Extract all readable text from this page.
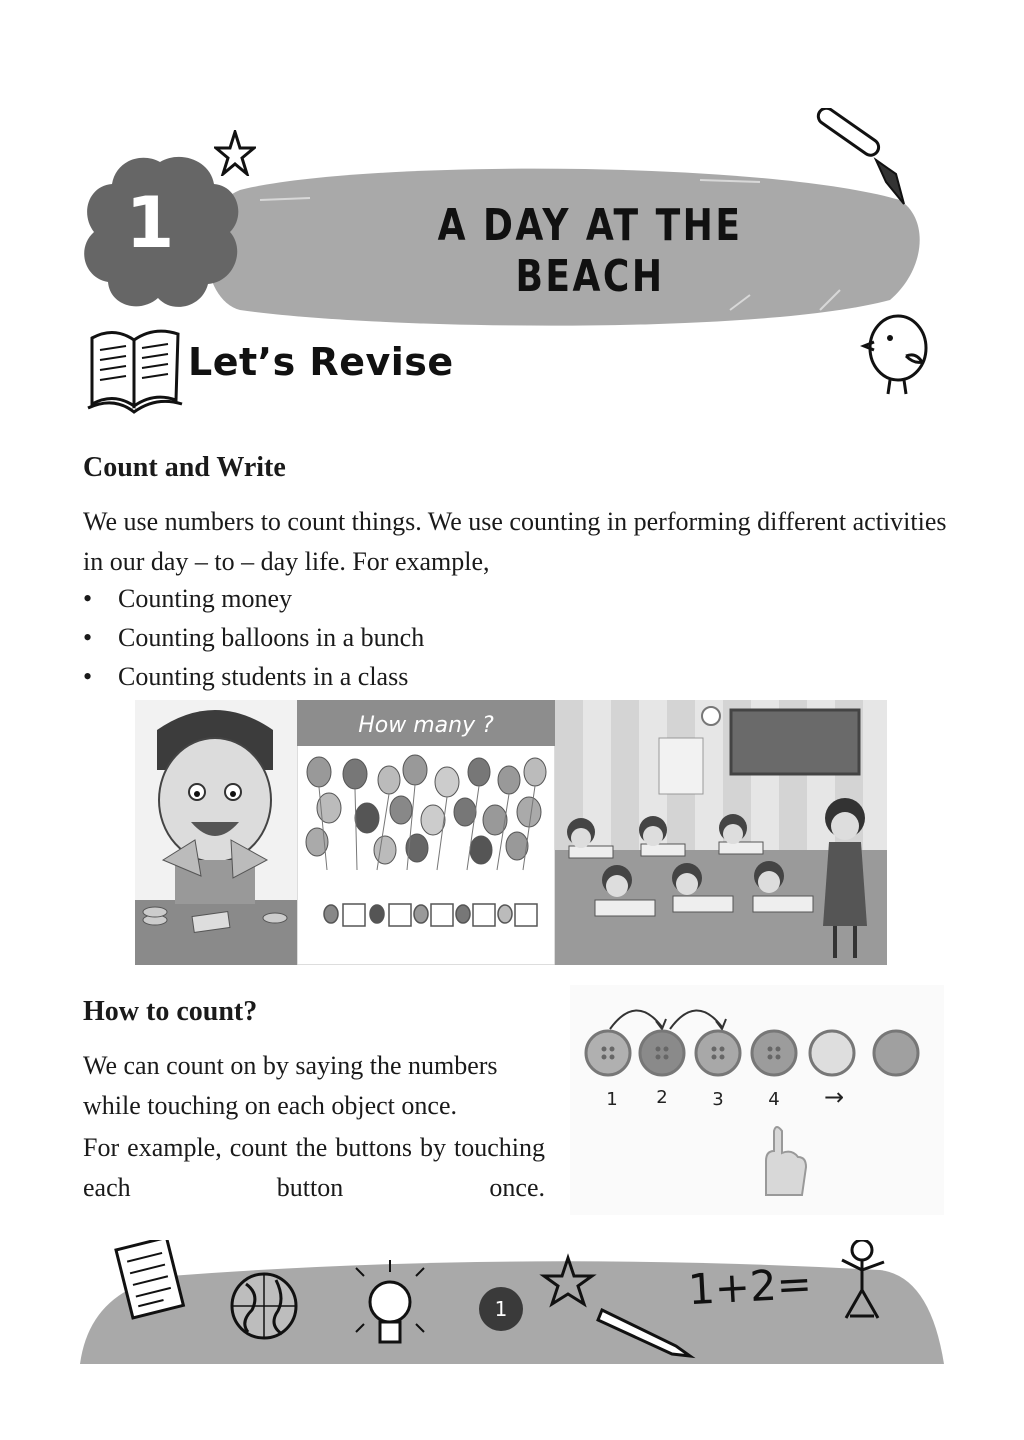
1	A DAY AT THE BEACH
Let’s Revise
Count and Write

We use numbers to count things. We use counting in performing different activities in our day – to – day life. For example,

• Counting money
• Counting balloons in a bunch
• Counting students in a class
How many ?
How to count?

We can count on by saying the numbers while touching on each object once.

For example, count the buttons by touching each button once.

1 2 3 4 →
1	1+2=
